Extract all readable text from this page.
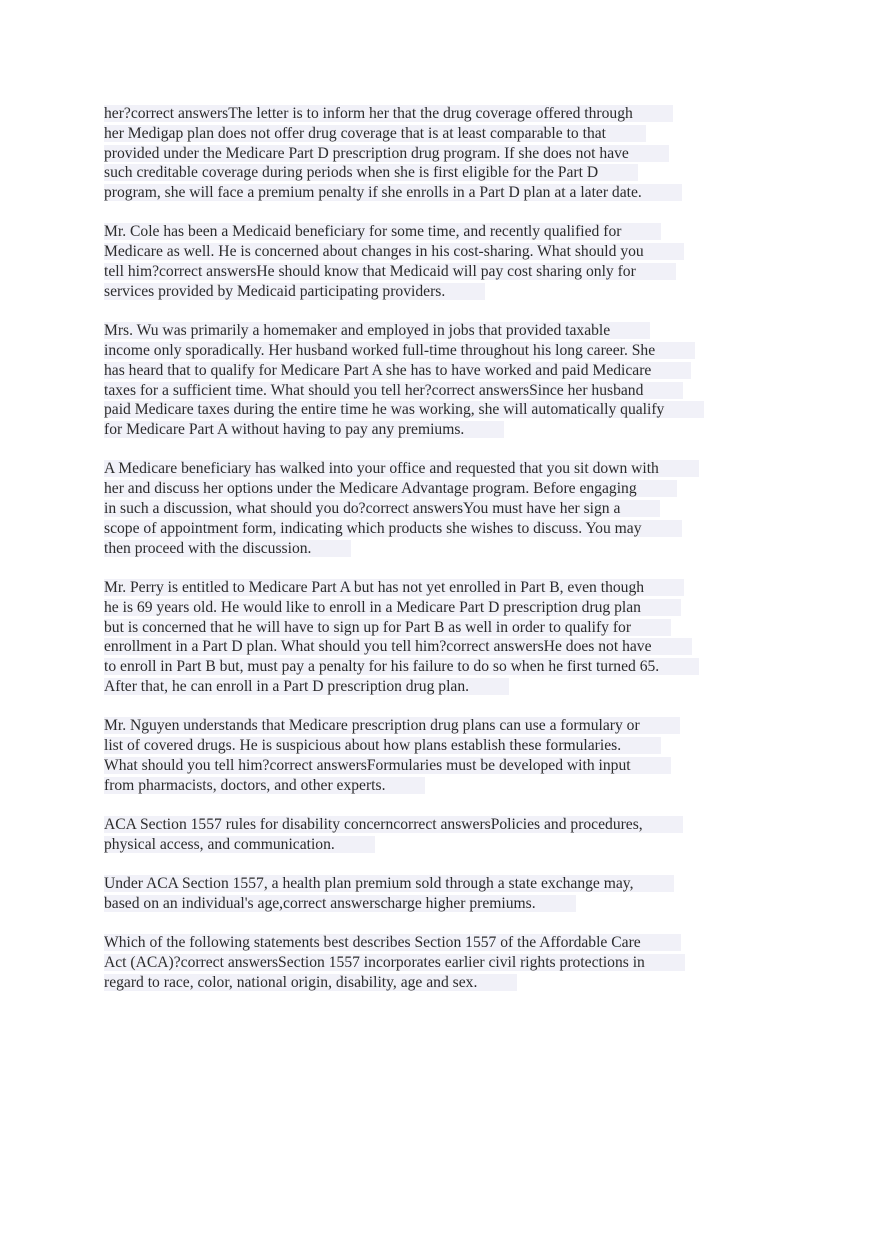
her?correct answersThe letter is to inform her that the drug coverage offered through
her Medigap plan does not offer drug coverage that is at least comparable to that
provided under the Medicare Part D prescription drug program. If she does not have
such creditable coverage during periods when she is first eligible for the Part D
program, she will face a premium penalty if she enrolls in a Part D plan at a later date.
Mr. Cole has been a Medicaid beneficiary for some time, and recently qualified for
Medicare as well. He is concerned about changes in his cost-sharing. What should you
tell him?correct answersHe should know that Medicaid will pay cost sharing only for
services provided by Medicaid participating providers.
Mrs. Wu was primarily a homemaker and employed in jobs that provided taxable
income only sporadically. Her husband worked full-time throughout his long career. She
has heard that to qualify for Medicare Part A she has to have worked and paid Medicare
taxes for a sufficient time. What should you tell her?correct answersSince her husband
paid Medicare taxes during the entire time he was working, she will automatically qualify
for Medicare Part A without having to pay any premiums.
A Medicare beneficiary has walked into your office and requested that you sit down with
her and discuss her options under the Medicare Advantage program. Before engaging
in such a discussion, what should you do?correct answersYou must have her sign a
scope of appointment form, indicating which products she wishes to discuss. You may
then proceed with the discussion.
Mr. Perry is entitled to Medicare Part A but has not yet enrolled in Part B, even though
he is 69 years old. He would like to enroll in a Medicare Part D prescription drug plan
but is concerned that he will have to sign up for Part B as well in order to qualify for
enrollment in a Part D plan. What should you tell him?correct answersHe does not have
to enroll in Part B but, must pay a penalty for his failure to do so when he first turned 65.
After that, he can enroll in a Part D prescription drug plan.
Mr. Nguyen understands that Medicare prescription drug plans can use a formulary or
list of covered drugs. He is suspicious about how plans establish these formularies.
What should you tell him?correct answersFormularies must be developed with input
from pharmacists, doctors, and other experts.
ACA Section 1557 rules for disability concerncorrect answersPolicies and procedures,
physical access, and communication.
Under ACA Section 1557, a health plan premium sold through a state exchange may,
based on an individual's age,correct answerscharge higher premiums.
Which of the following statements best describes Section 1557 of the Affordable Care
Act (ACA)?correct answersSection 1557 incorporates earlier civil rights protections in
regard to race, color, national origin, disability, age and sex.
